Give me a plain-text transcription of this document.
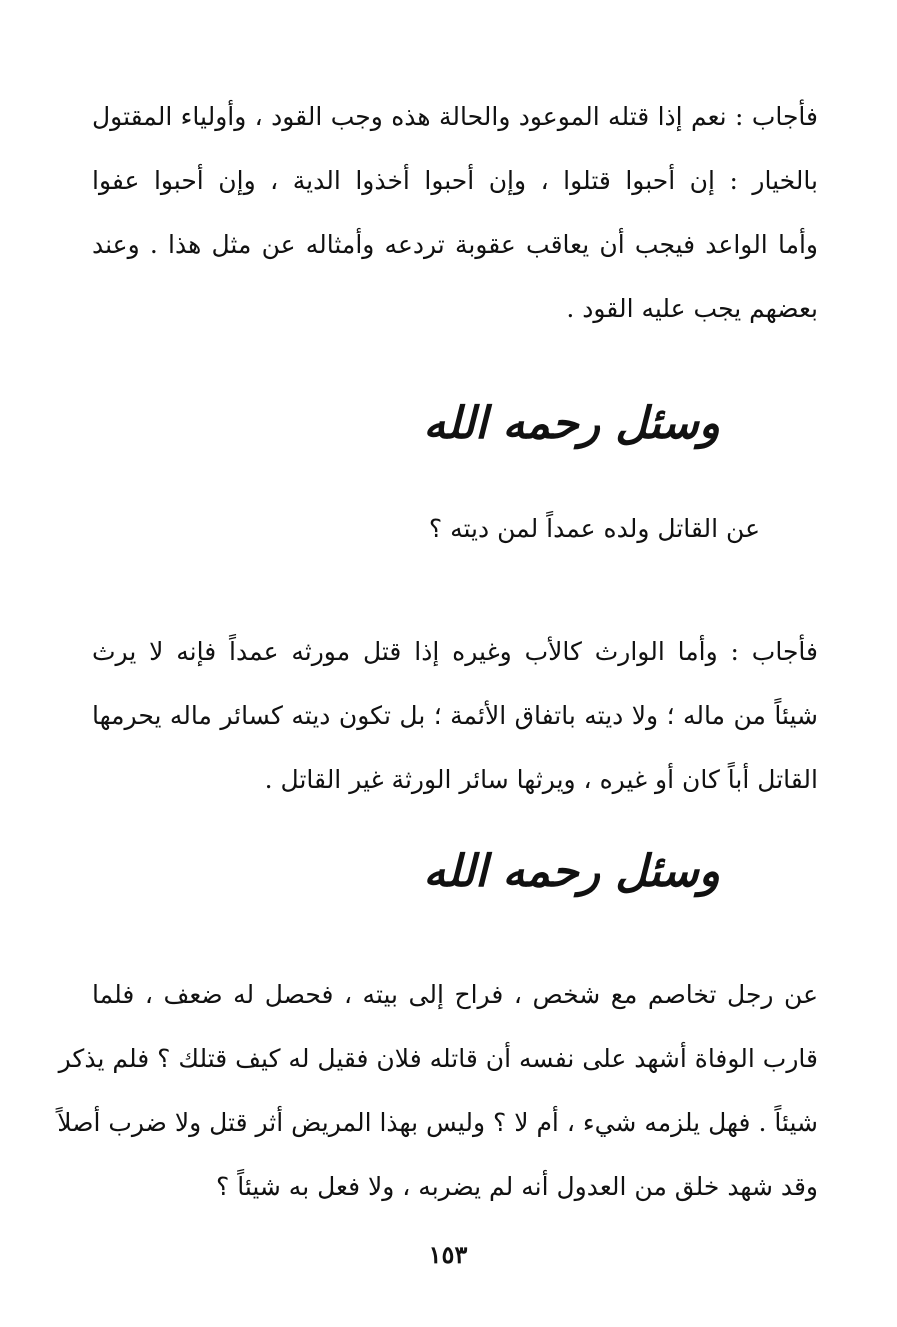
فأجاب : نعم إذا قتله الموعود والحالة هذه وجب القود ، وأولياء المقتول
بالخيار : إن أحبوا قتلوا ، وإن أحبوا أخذوا الدية ، وإن أحبوا عفوا
وأما الواعد فيجب أن يعاقب عقوبة تردعه وأمثاله عن مثل هذا . وعند
بعضهم يجب عليه القود .

وسئل رحمه الله

عن القاتل ولده عمداً لمن ديته ؟

فأجاب : وأما الوارث كالأب وغيره إذا قتل مورثه عمداً فإنه لا يرث
شيئاً من ماله ؛ ولا ديته باتفاق الأئمة ؛ بل تكون ديته كسائر ماله يحرمها
القاتل أباً كان أو غيره ، ويرثها سائر الورثة غير القاتل .

وسئل رحمه الله

عن رجل تخاصم مع شخص ، فراح إلى بيته ، فحصل له ضعف ، فلما
قارب الوفاة أشهد على نفسه أن قاتله فلان فقيل له كيف قتلك ؟ فلم يذكر
شيئاً . فهل يلزمه شيء ، أم لا ؟ وليس بهذا المريض أثر قتل ولا ضرب أصلاً
وقد شهد خلق من العدول أنه لم يضربه ، ولا فعل به شيئاً ؟

١٥٣
